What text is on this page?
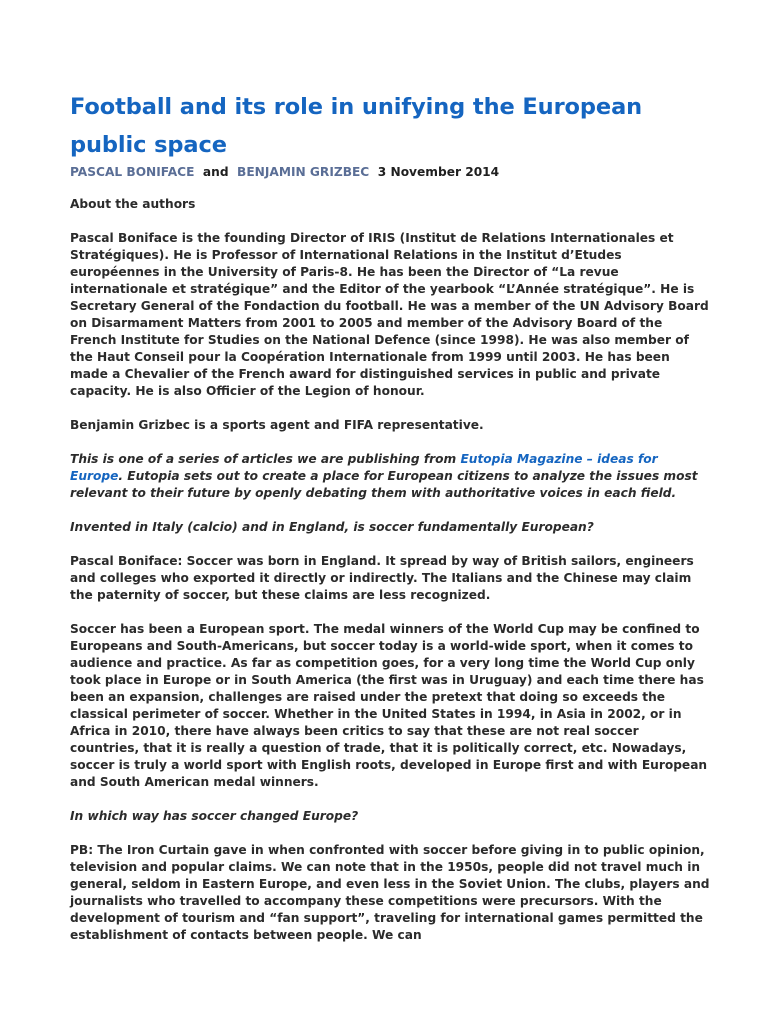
Football and its role in unifying the European public space

PASCAL BONIFACE and BENJAMIN GRIZBEC 3 November 2014

About the authors

Pascal Boniface is the founding Director of IRIS (Institut de Relations Internationales et Stratégiques). He is Professor of International Relations in the Institut d’Etudes européennes in the University of Paris-8. He has been the Director of “La revue internationale et stratégique” and the Editor of the yearbook “L’Année stratégique”. He is Secretary General of the Fondaction du football. He was a member of the UN Advisory Board on Disarmament Matters from 2001 to 2005 and member of the Advisory Board of the French Institute for Studies on the National Defence (since 1998). He was also member of the Haut Conseil pour la Coopération Internationale from 1999 until 2003. He has been made a Chevalier of the French award for distinguished services in public and private capacity. He is also Officier of the Legion of honour.

Benjamin Grizbec is a sports agent and FIFA representative.

This is one of a series of articles we are publishing from Eutopia Magazine – ideas for Europe. Eutopia sets out to create a place for European citizens to analyze the issues most relevant to their future by openly debating them with authoritative voices in each field.

Invented in Italy (calcio) and in England, is soccer fundamentally European?

Pascal Boniface: Soccer was born in England. It spread by way of British sailors, engineers and colleges who exported it directly or indirectly. The Italians and the Chinese may claim the paternity of soccer, but these claims are less recognized.

Soccer has been a European sport. The medal winners of the World Cup may be confined to Europeans and South-Americans, but soccer today is a world-wide sport, when it comes to audience and practice. As far as competition goes, for a very long time the World Cup only took place in Europe or in South America (the first was in Uruguay) and each time there has been an expansion, challenges are raised under the pretext that doing so exceeds the classical perimeter of soccer. Whether in the United States in 1994, in Asia in 2002, or in Africa in 2010, there have always been critics to say that these are not real soccer countries, that it is really a question of trade, that it is politically correct, etc. Nowadays, soccer is truly a world sport with English roots, developed in Europe first and with European and South American medal winners.

In which way has soccer changed Europe?

PB: The Iron Curtain gave in when confronted with soccer before giving in to public opinion, television and popular claims. We can note that in the 1950s, people did not travel much in general, seldom in Eastern Europe, and even less in the Soviet Union. The clubs, players and journalists who travelled to accompany these competitions were precursors. With the development of tourism and “fan support”, traveling for international games permitted the establishment of contacts between people. We can
